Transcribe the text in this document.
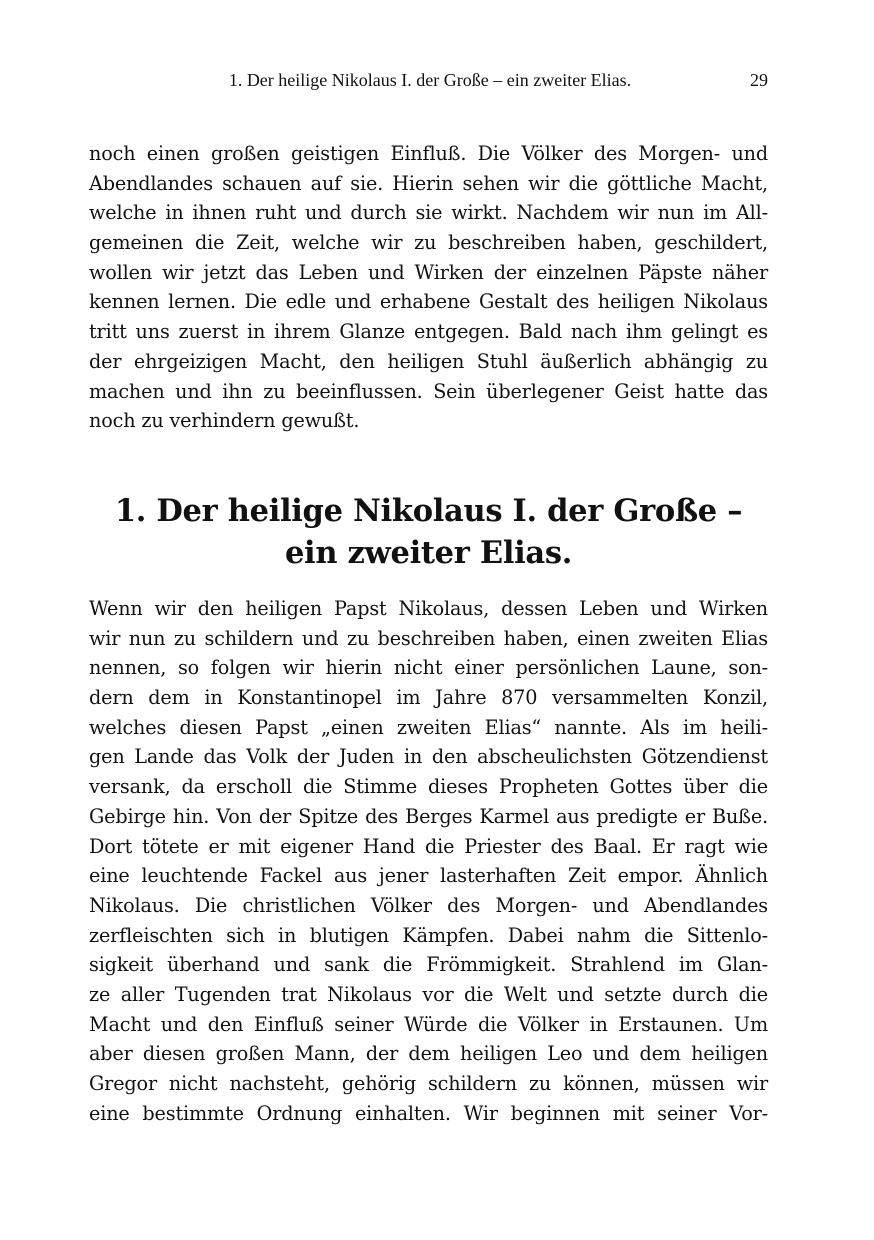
1. Der heilige Nikolaus I. der Große – ein zweiter Elias.	29
noch einen großen geistigen Einfluß. Die Völker des Morgen- und
Abendlandes schauen auf sie. Hierin sehen wir die göttliche Macht,
welche in ihnen ruht und durch sie wirkt. Nachdem wir nun im All-
gemeinen die Zeit, welche wir zu beschreiben haben, geschildert,
wollen wir jetzt das Leben und Wirken der einzelnen Päpste näher
kennen lernen. Die edle und erhabene Gestalt des heiligen Nikolaus
tritt uns zuerst in ihrem Glanze entgegen. Bald nach ihm gelingt es
der ehrgeizigen Macht, den heiligen Stuhl äußerlich abhängig zu
machen und ihn zu beeinflussen. Sein überlegener Geist hatte das
noch zu verhindern gewußt.
1. Der heilige Nikolaus I. der Große –
ein zweiter Elias.
Wenn wir den heiligen Papst Nikolaus, dessen Leben und Wirken
wir nun zu schildern und zu beschreiben haben, einen zweiten Elias
nennen, so folgen wir hierin nicht einer persönlichen Laune, son-
dern dem in Konstantinopel im Jahre 870 versammelten Konzil,
welches diesen Papst „einen zweiten Elias“ nannte. Als im heili-
gen Lande das Volk der Juden in den abscheulichsten Götzendienst
versank, da erscholl die Stimme dieses Propheten Gottes über die
Gebirge hin. Von der Spitze des Berges Karmel aus predigte er Buße.
Dort tötete er mit eigener Hand die Priester des Baal. Er ragt wie
eine leuchtende Fackel aus jener lasterhaften Zeit empor. Ähnlich
Nikolaus. Die christlichen Völker des Morgen- und Abendlandes
zerfleischten sich in blutigen Kämpfen. Dabei nahm die Sittenlo-
sigkeit überhand und sank die Frömmigkeit. Strahlend im Glan-
ze aller Tugenden trat Nikolaus vor die Welt und setzte durch die
Macht und den Einfluß seiner Würde die Völker in Erstaunen. Um
aber diesen großen Mann, der dem heiligen Leo und dem heiligen
Gregor nicht nachsteht, gehörig schildern zu können, müssen wir
eine bestimmte Ordnung einhalten. Wir beginnen mit seiner Vor-
